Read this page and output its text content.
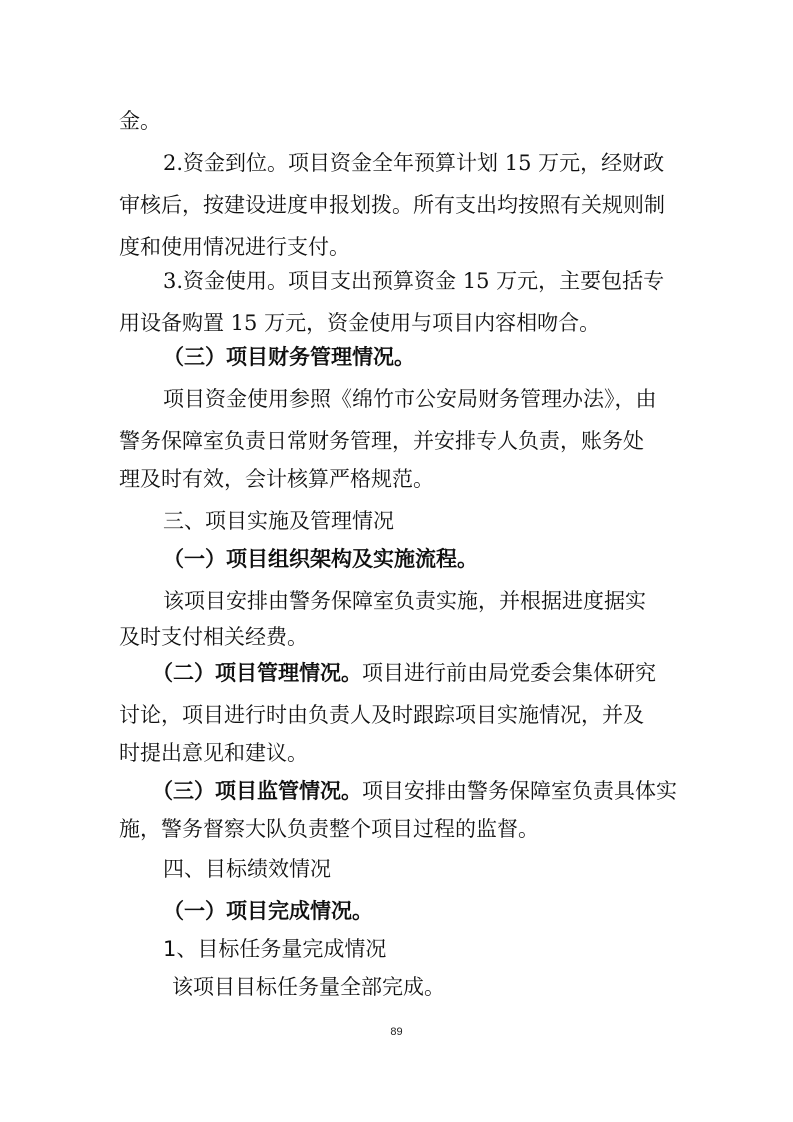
金。
2.资金到位。项目资金全年预算计划 15 万元，经财政
审核后，按建设进度申报划拨。所有支出均按照有关规则制
度和使用情况进行支付。
3.资金使用。项目支出预算资金 15 万元，主要包括专
用设备购置 15 万元，资金使用与项目内容相吻合。
（三）项目财务管理情况。
项目资金使用参照《绵竹市公安局财务管理办法》，由
警务保障室负责日常财务管理，并安排专人负责，账务处
理及时有效，会计核算严格规范。
三、项目实施及管理情况
（一）项目组织架构及实施流程。
该项目安排由警务保障室负责实施，并根据进度据实
及时支付相关经费。
（二）项目管理情况。项目进行前由局党委会集体研究
讨论，项目进行时由负责人及时跟踪项目实施情况，并及
时提出意见和建议。
（三）项目监管情况。项目安排由警务保障室负责具体实
施，警务督察大队负责整个项目过程的监督。
四、目标绩效情况
（一）项目完成情况。
1、目标任务量完成情况
该项目目标任务量全部完成。
89
